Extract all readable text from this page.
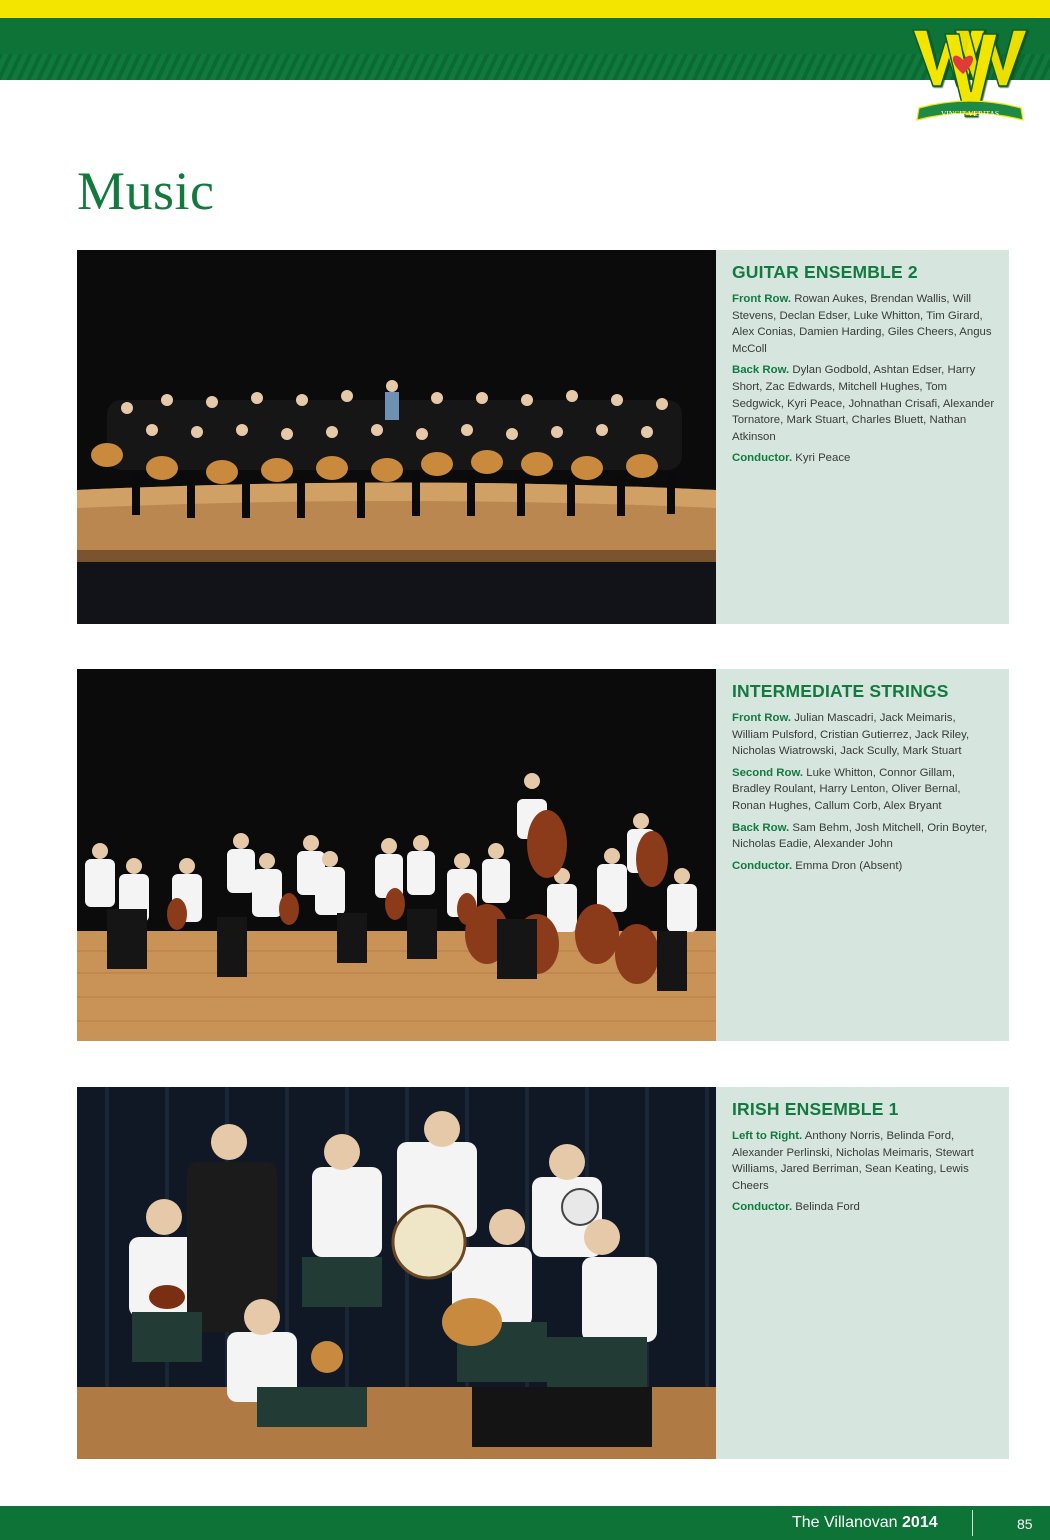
VINCIT VERITAS
Music
GUITAR ENSEMBLE 2

Front Row. Rowan Aukes, Brendan Wallis, Will Stevens, Declan Edser, Luke Whitton, Tim Girard, Alex Conias, Damien Harding, Giles Cheers, Angus McColl

Back Row. Dylan Godbold, Ashtan Edser, Harry Short, Zac Edwards, Mitchell Hughes, Tom Sedgwick, Kyri Peace, Johnathan Crisafi, Alexander Tornatore, Mark Stuart, Charles Bluett, Nathan Atkinson

Conductor. Kyri Peace

INTERMEDIATE STRINGS

Front Row. Julian Mascadri, Jack Meimaris, William Pulsford, Cristian Gutierrez, Jack Riley, Nicholas Wiatrowski, Jack Scully, Mark Stuart

Second Row. Luke Whitton, Connor Gillam, Bradley Roulant, Harry Lenton, Oliver Bernal, Ronan Hughes, Callum Corb, Alex Bryant

Back Row. Sam Behm, Josh Mitchell, Orin Boyter, Nicholas Eadie, Alexander John

Conductor. Emma Dron (Absent)

IRISH ENSEMBLE 1

Left to Right. Anthony Norris, Belinda Ford, Alexander Perlinski, Nicholas Meimaris, Stewart Williams, Jared Berriman, Sean Keating, Lewis Cheers

Conductor. Belinda Ford

The Villanovan 2014	85
